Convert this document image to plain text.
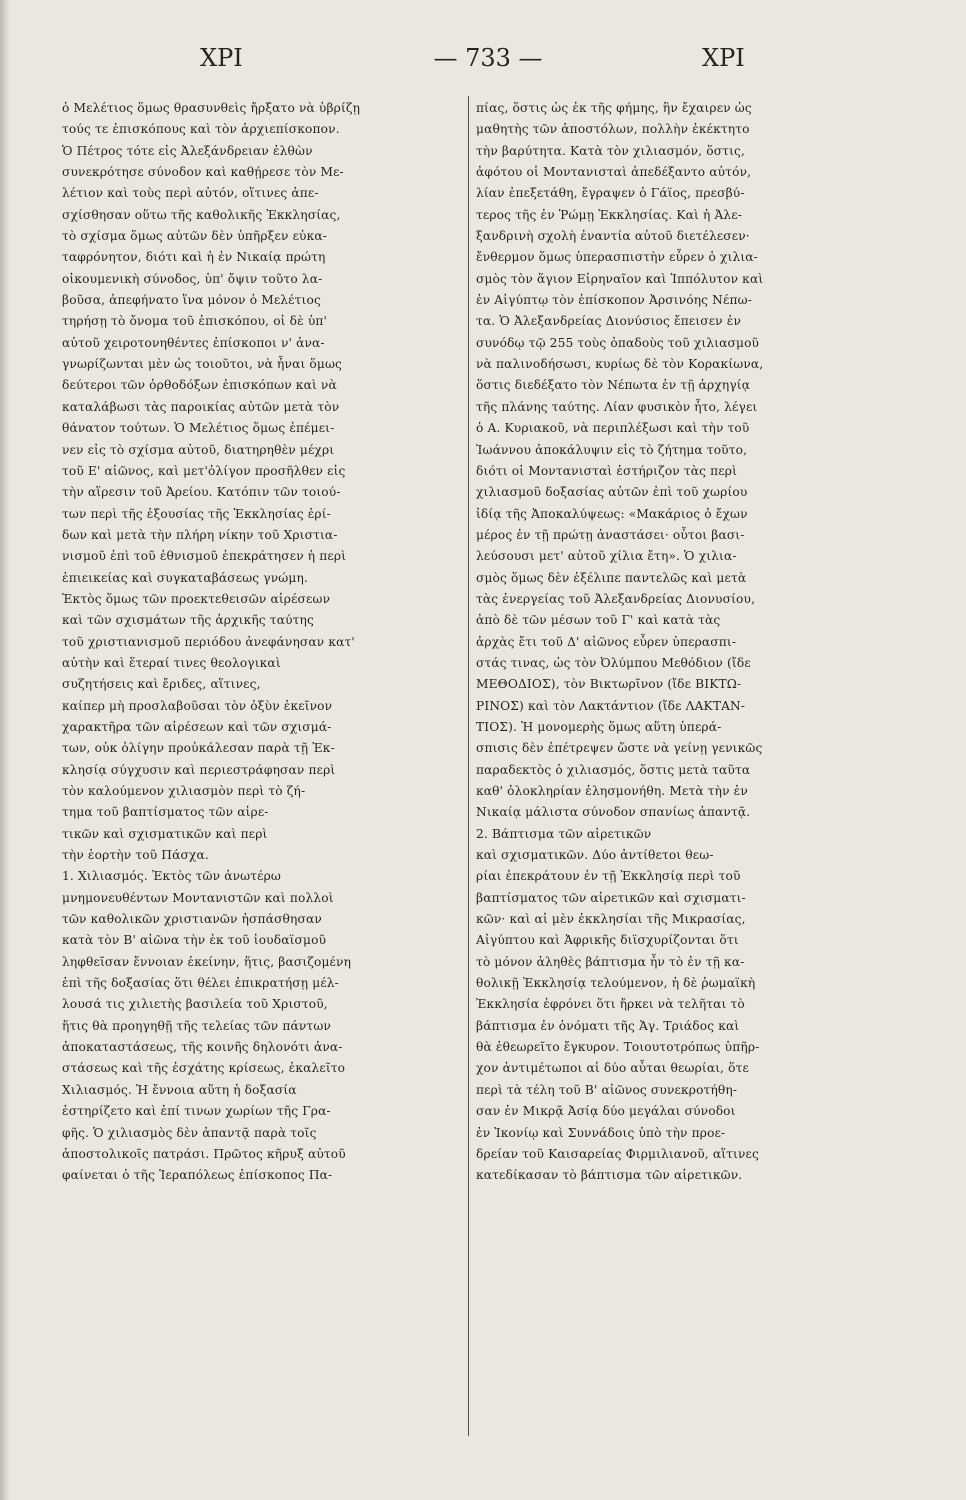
ΧΡΙ	— 733 —	ΧΡΙ
ὁ Μελέτιος ὅμως θρασυνθεὶς ἤρξατο νὰ ὑβρίζῃ
τούς τε ἐπισκόπους καὶ τὸν ἀρχιεπίσκοπον.
Ὁ Πέτρος τότε εἰς Ἀλεξάνδρειαν ἐλθὼν
συνεκρότησε σύνοδον καὶ καθῄρεσε τὸν Με-
λέτιον καὶ τοὺς περὶ αὐτόν, οἵτινες ἀπε-
σχίσθησαν οὕτω τῆς καθολικῆς Ἐκκλησίας,
τὸ σχίσμα ὅμως αὐτῶν δὲν ὑπῆρξεν εὐκα-
ταφρόνητον, διότι καὶ ἡ ἐν Νικαίᾳ πρώτη
οἰκουμενικὴ σύνοδος, ὑπ' ὄψιν τοῦτο λα-
βοῦσα, ἀπεφήνατο ἵνα μόνον ὁ Μελέτιος
τηρήσῃ τὸ ὄνομα τοῦ ἐπισκόπου, οἱ δὲ ὑπ'
αὐτοῦ χειροτονηθέντες ἐπίσκοποι ν' ἀνα-
γνωρίζωνται μὲν ὡς τοιοῦτοι, νὰ ἦναι ὅμως
δεύτεροι τῶν ὀρθοδόξων ἐπισκόπων καὶ νὰ
καταλάβωσι τὰς παροικίας αὐτῶν μετὰ τὸν
θάνατον τούτων. Ὁ Μελέτιος ὅμως ἐπέμει-
νεν εἰς τὸ σχίσμα αὐτοῦ, διατηρηθὲν μέχρι
τοῦ Ε' αἰῶνος, καὶ μετ'ὀλίγον προσῆλθεν εἰς
τὴν αἵρεσιν τοῦ Ἀρείου. Κατόπιν τῶν τοιού-
των περὶ τῆς ἐξουσίας τῆς Ἐκκλησίας ἐρί-
δων καὶ μετὰ τὴν πλήρη νίκην τοῦ Χριστια-
νισμοῦ ἐπὶ τοῦ ἐθνισμοῦ ἐπεκράτησεν ἡ περὶ
ἐπιεικείας καὶ συγκαταβάσεως γνώμη.
Ἐκτὸς ὅμως τῶν προεκτεθεισῶν αἱρέσεων
καὶ τῶν σχισμάτων τῆς ἀρχικῆς ταύτης
τοῦ χριστιανισμοῦ περιόδου ἀνεφάνησαν κατ'
αὐτὴν καὶ ἕτεραί τινες θεολογικαὶ
συζητήσεις καὶ ἔριδες, αἵτινες,
καίπερ μὴ προσλαβοῦσαι τὸν ὀξὺν ἐκεῖνον
χαρακτῆρα τῶν αἱρέσεων καὶ τῶν σχισμά-
των, οὐκ ὀλίγην προὐκάλεσαν παρὰ τῇ Ἐκ-
κλησίᾳ σύγχυσιν καὶ περιεστράφησαν περὶ
τὸν καλούμενον χιλιασμὸν περὶ τὸ ζή-
τημα τοῦ βαπτίσματος τῶν αἱρε-
τικῶν καὶ σχισματικῶν καὶ περὶ
τὴν ἑορτὴν τοῦ Πάσχα.
1. Χιλιασμός. Ἐκτὸς τῶν ἀνωτέρω
μνημονευθέντων Μοντανιστῶν καὶ πολλοὶ
τῶν καθολικῶν χριστιανῶν ἠσπάσθησαν
κατὰ τὸν Β' αἰῶνα τὴν ἐκ τοῦ ἰουδαϊσμοῦ
ληφθεῖσαν ἔννοιαν ἐκείνην, ἥτις, βασιζομένη
ἐπὶ τῆς δοξασίας ὅτι θέλει ἐπικρατήσῃ μέλ-
λουσά τις χιλιετὴς βασιλεία τοῦ Χριστοῦ,
ἥτις θὰ προηγηθῇ τῆς τελείας τῶν πάντων
ἀποκαταστάσεως, τῆς κοινῆς δηλονότι ἀνα-
στάσεως καὶ τῆς ἐσχάτης κρίσεως, ἐκαλεῖτο
Χιλιασμός. Ἡ ἔννοια αὕτη ἡ δοξασία
ἐστηρίζετο καὶ ἐπί τινων χωρίων τῆς Γρα-
φῆς. Ὁ χιλιασμὸς δὲν ἀπαντᾷ παρὰ τοῖς
ἀποστολικοῖς πατράσι. Πρῶτος κῆρυξ αὐτοῦ
φαίνεται ὁ τῆς Ἱεραπόλεως ἐπίσκοπος Πα-
πίας, ὅστις ὡς ἐκ τῆς φήμης, ἣν ἔχαιρεν ὡς
μαθητὴς τῶν ἀποστόλων, πολλὴν ἐκέκτητο
τὴν βαρύτητα. Κατὰ τὸν χιλιασμόν, ὅστις,
ἀφότου οἱ Μοντανισταὶ ἀπεδέξαντο αὐτόν,
λίαν ἐπεξετάθη, ἔγραψεν ὁ Γάϊος, πρεσβύ-
τερος τῆς ἐν Ῥώμῃ Ἐκκλησίας. Καὶ ἡ Ἀλε-
ξανδρινὴ σχολὴ ἐναντία αὐτοῦ διετέλεσεν·
ἔνθερμον ὅμως ὑπερασπιστὴν εὗρεν ὁ χιλια-
σμὸς τὸν ἅγιον Εἰρηναῖον καὶ Ἱππόλυτον καὶ
ἐν Αἰγύπτῳ τὸν ἐπίσκοπον Ἀρσινόης Νέπω-
τα. Ὁ Ἀλεξανδρείας Διονύσιος ἔπεισεν ἐν
συνόδῳ τῷ 255 τοὺς ὀπαδοὺς τοῦ χιλιασμοῦ
νὰ παλινοδήσωσι, κυρίως δὲ τὸν Κορακίωνα,
ὅστις διεδέξατο τὸν Νέπωτα ἐν τῇ ἀρχηγίᾳ
τῆς πλάνης ταύτης. Λίαν φυσικὸν ἦτο, λέγει
ὁ Α. Κυριακοῦ, νὰ περιπλέξωσι καὶ τὴν τοῦ
Ἰωάννου ἀποκάλυψιν εἰς τὸ ζήτημα τοῦτο,
διότι οἱ Μοντανισταὶ ἐστήριζον τὰς περὶ
χιλιασμοῦ δοξασίας αὐτῶν ἐπὶ τοῦ χωρίου
ἰδίᾳ τῆς Ἀποκαλύψεως: «Μακάριος ὁ ἔχων
μέρος ἐν τῇ πρώτῃ ἀναστάσει· οὗτοι βασι-
λεύσουσι μετ' αὐτοῦ χίλια ἔτη». Ὁ χιλια-
σμὸς ὅμως δὲν ἐξέλιπε παντελῶς καὶ μετὰ
τὰς ἐνεργείας τοῦ Ἀλεξανδρείας Διονυσίου,
ἀπὸ δὲ τῶν μέσων τοῦ Γ' καὶ κατὰ τὰς
ἀρχὰς ἔτι τοῦ Δ' αἰῶνος εὗρεν ὑπερασπι-
στάς τινας, ὡς τὸν Ὀλύμπου Μεθόδιον (ἴδε
ΜΕΘΟΔΙΟΣ), τὸν Βικτωρῖνον (ἴδε ΒΙΚΤΩ-
ΡΙΝΟΣ) καὶ τὸν Λακτάντιον (ἴδε ΛΑΚΤΑΝ-
ΤΙΟΣ). Ἡ μονομερὴς ὅμως αὕτη ὑπερά-
σπισις δὲν ἐπέτρεψεν ὥστε νὰ γείνῃ γενικῶς
παραδεκτὸς ὁ χιλιασμός, ὅστις μετὰ ταῦτα
καθ' ὁλοκληρίαν ἐλησμονήθη. Μετὰ τὴν ἐν
Νικαίᾳ μάλιστα σύνοδον σπανίως ἀπαντᾷ.
2. Βάπτισμα τῶν αἱρετικῶν
καὶ σχισματικῶν. Δύο ἀντίθετοι θεω-
ρίαι ἐπεκράτουν ἐν τῇ Ἐκκλησίᾳ περὶ τοῦ
βαπτίσματος τῶν αἱρετικῶν καὶ σχισματι-
κῶν· καὶ αἱ μὲν ἐκκλησίαι τῆς Μικρασίας,
Αἰγύπτου καὶ Ἀφρικῆς διϊσχυρίζονται ὅτι
τὸ μόνον ἀληθὲς βάπτισμα ἦν τὸ ἐν τῇ κα-
θολικῇ Ἐκκλησίᾳ τελούμενον, ἡ δὲ ῥωμαϊκὴ
Ἐκκλησία ἐφρόνει ὅτι ἤρκει νὰ τελῆται τὸ
βάπτισμα ἐν ὀνόματι τῆς Ἁγ. Τριάδος καὶ
θὰ ἐθεωρεῖτο ἔγκυρον. Τοιουτοτρόπως ὑπῆρ-
χον ἀντιμέτωποι αἱ δύο αὗται θεωρίαι, ὅτε
περὶ τὰ τέλη τοῦ Β' αἰῶνος συνεκροτήθη-
σαν ἐν Μικρᾷ Ἀσίᾳ δύο μεγάλαι σύνοδοι
ἐν Ἰκονίῳ καὶ Συννάδοις ὑπὸ τὴν προε-
δρείαν τοῦ Καισαρείας Φιρμιλιανοῦ, αἵτινες
κατεδίκασαν τὸ βάπτισμα τῶν αἱρετικῶν.
